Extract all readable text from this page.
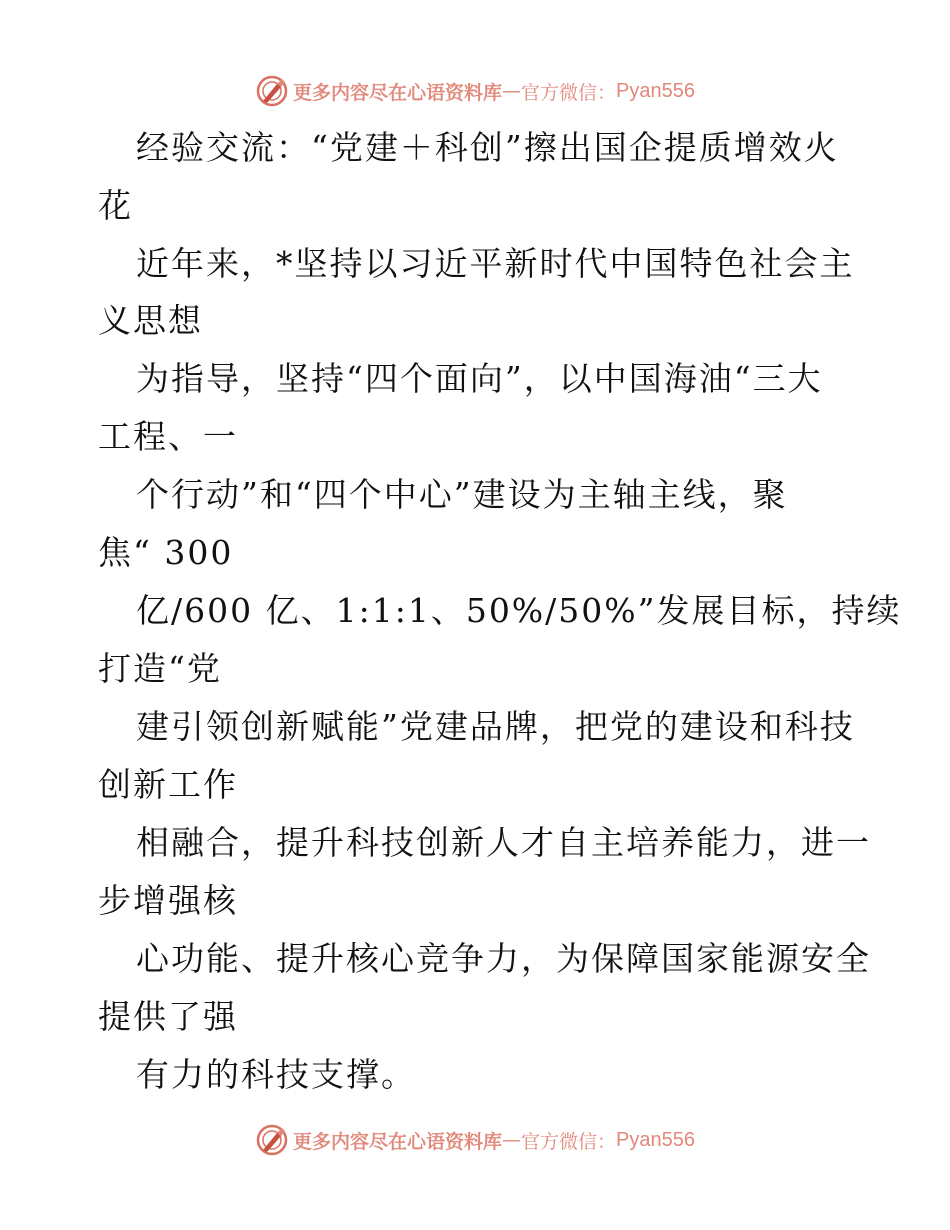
更多内容尽在心语资料库 — 官方微信： Pyan556
经验交流：“党建＋科创”擦出国企提质增效火
花
近年来，*坚持以习近平新时代中国特色社会主
义思想
为指导，坚持“四个面向”，以中国海油“三大
工程、一
个行动”和“四个中心”建设为主轴主线，聚
焦“ 300
亿/600 亿、1:1:1、50%/50%”发展目标，持续
打造“党
建引领创新赋能”党建品牌，把党的建设和科技
创新工作
相融合，提升科技创新人才自主培养能力，进一
步增强核
心功能、提升核心竞争力，为保障国家能源安全
提供了强
有力的科技支撑。
更多内容尽在心语资料库 — 官方微信： Pyan556
